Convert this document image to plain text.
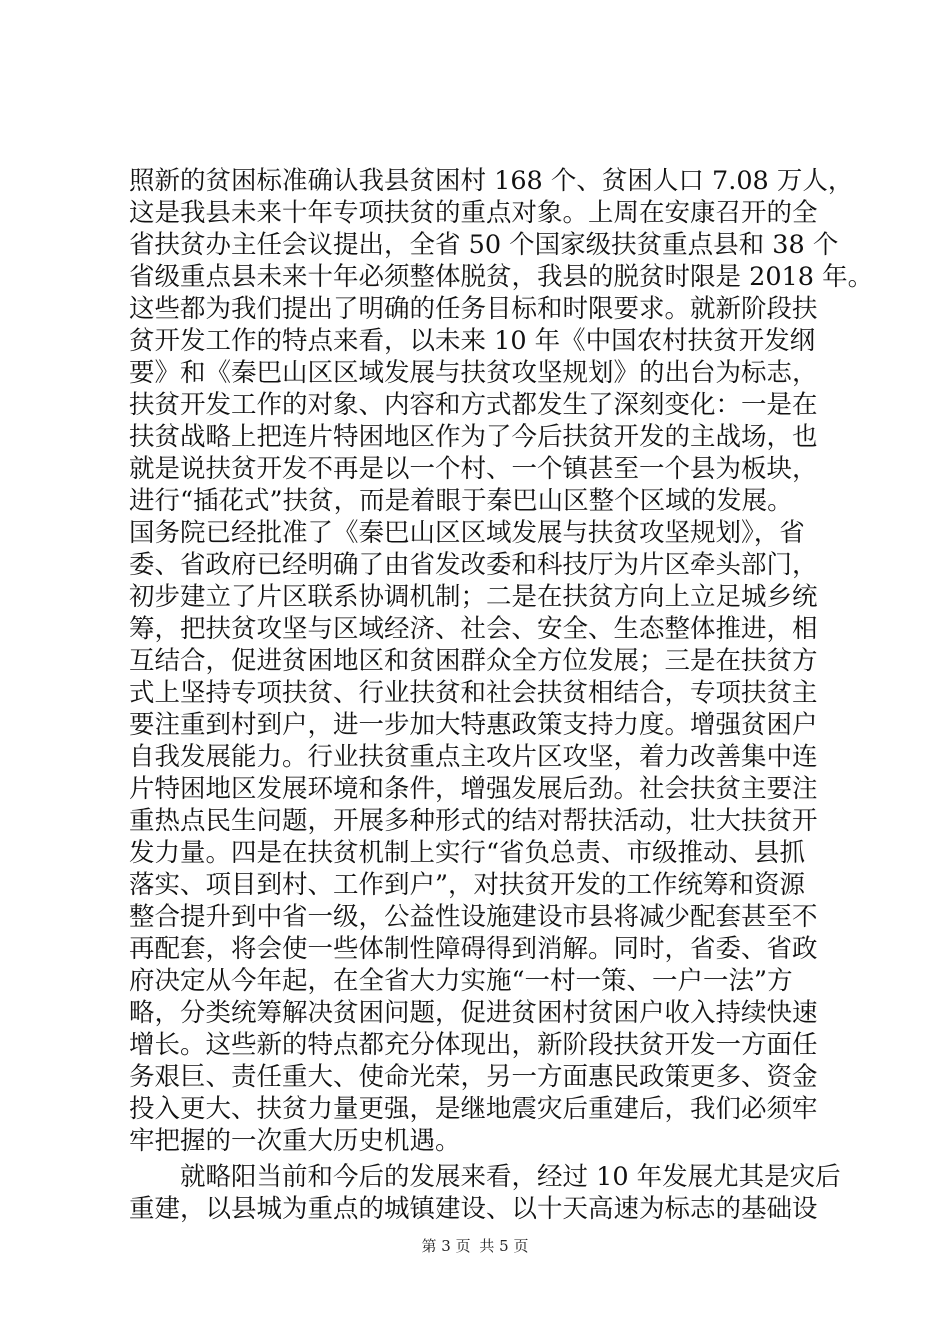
照新的贫困标准确认我县贫困村 168 个、贫困人口 7.08 万人，
这是我县未来十年专项扶贫的重点对象。上周在安康召开的全
省扶贫办主任会议提出，全省 50 个国家级扶贫重点县和 38 个
省级重点县未来十年必须整体脱贫，我县的脱贫时限是 2018 年。
这些都为我们提出了明确的任务目标和时限要求。就新阶段扶
贫开发工作的特点来看，以未来 10 年《中国农村扶贫开发纲
要》和《秦巴山区区域发展与扶贫攻坚规划》的出台为标志，
扶贫开发工作的对象、内容和方式都发生了深刻变化：一是在
扶贫战略上把连片特困地区作为了今后扶贫开发的主战场，也
就是说扶贫开发不再是以一个村、一个镇甚至一个县为板块，
进行“插花式”扶贫，而是着眼于秦巴山区整个区域的发展。
国务院已经批准了《秦巴山区区域发展与扶贫攻坚规划》，省
委、省政府已经明确了由省发改委和科技厅为片区牵头部门，
初步建立了片区联系协调机制；二是在扶贫方向上立足城乡统
筹，把扶贫攻坚与区域经济、社会、安全、生态整体推进，相
互结合，促进贫困地区和贫困群众全方位发展；三是在扶贫方
式上坚持专项扶贫、行业扶贫和社会扶贫相结合，专项扶贫主
要注重到村到户，进一步加大特惠政策支持力度。增强贫困户
自我发展能力。行业扶贫重点主攻片区攻坚，着力改善集中连
片特困地区发展环境和条件，增强发展后劲。社会扶贫主要注
重热点民生问题，开展多种形式的结对帮扶活动，壮大扶贫开
发力量。四是在扶贫机制上实行“省负总责、市级推动、县抓
落实、项目到村、工作到户”，对扶贫开发的工作统筹和资源
整合提升到中省一级，公益性设施建设市县将减少配套甚至不
再配套，将会使一些体制性障碍得到消解。同时，省委、省政
府决定从今年起，在全省大力实施“一村一策、一户一法”方
略，分类统筹解决贫困问题，促进贫困村贫困户收入持续快速
增长。这些新的特点都充分体现出，新阶段扶贫开发一方面任
务艰巨、责任重大、使命光荣，另一方面惠民政策更多、资金
投入更大、扶贫力量更强，是继地震灾后重建后，我们必须牢
牢把握的一次重大历史机遇。
　　就略阳当前和今后的发展来看，经过 10 年发展尤其是灾后
重建，以县城为重点的城镇建设、以十天高速为标志的基础设
第 3 页 共 5 页
